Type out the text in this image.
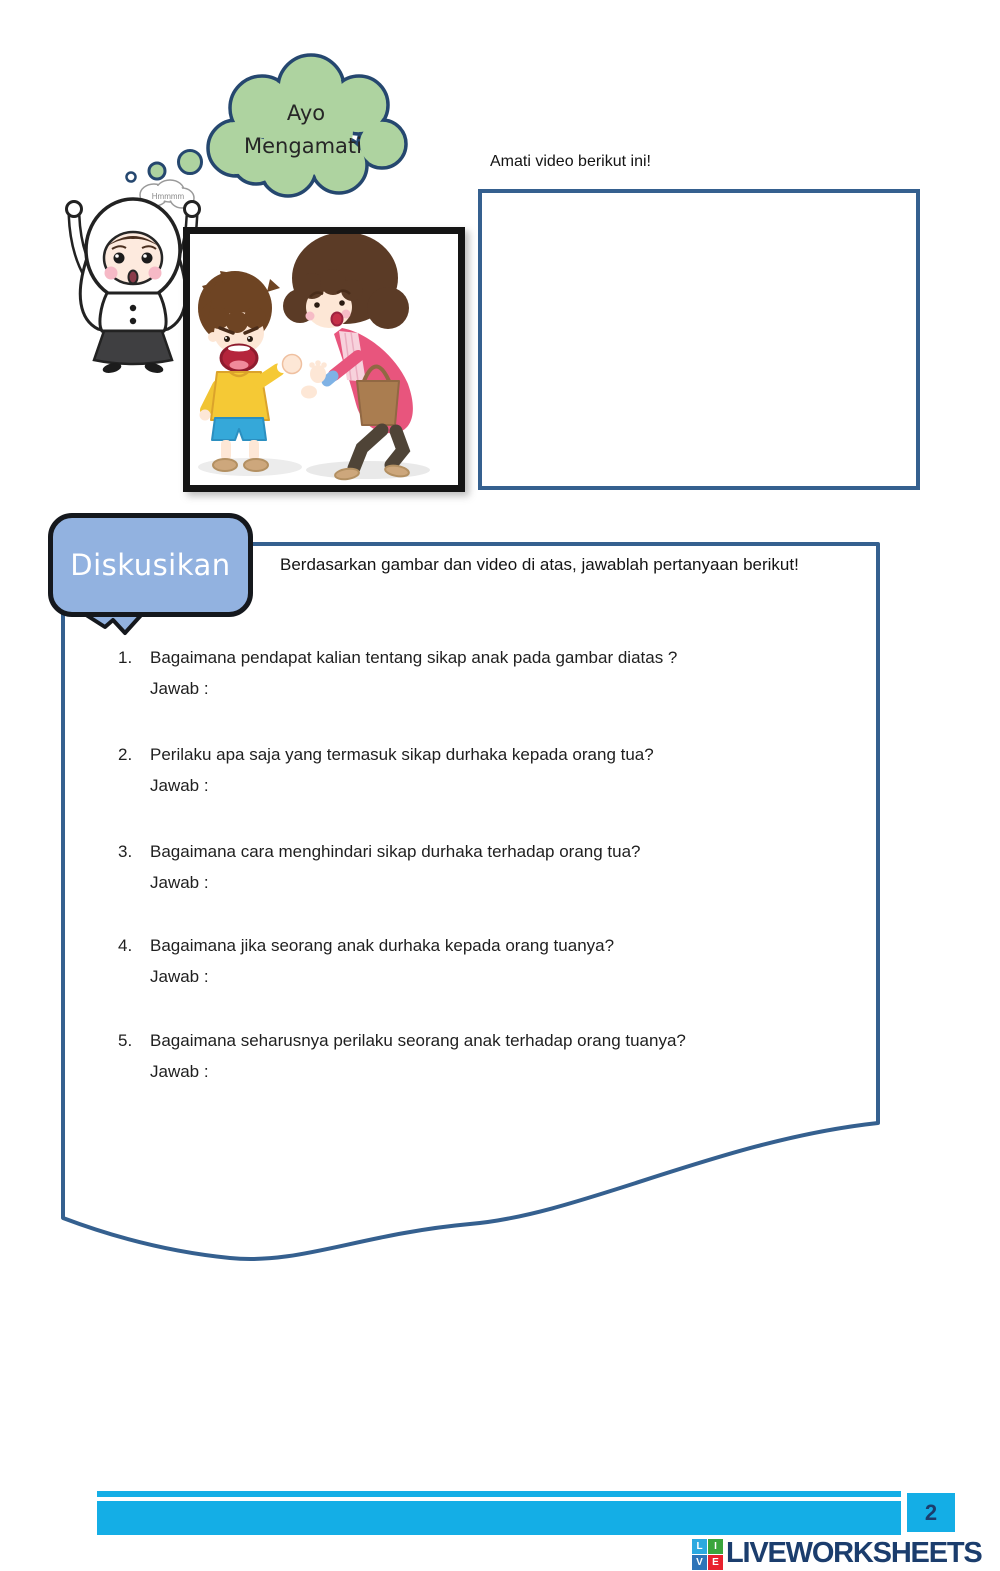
Ayo
Mengamati
Hmmmm
Amati video berikut ini!
Diskusikan	Berdasarkan gambar dan video di atas, jawablah pertanyaan berikut!
1.	Bagaimana pendapat kalian tentang sikap anak pada gambar diatas ?
Jawab :
2.	Perilaku apa saja yang termasuk sikap durhaka kepada orang tua?
Jawab :
3.	Bagaimana cara menghindari sikap durhaka terhadap orang tua?
Jawab :
4.	Bagaimana jika seorang anak durhaka kepada orang tuanya?
Jawab :
5.	Bagaimana seharusnya perilaku seorang anak terhadap orang tuanya?
Jawab :
2
L	I
V E LIVEWORKSHEETS
